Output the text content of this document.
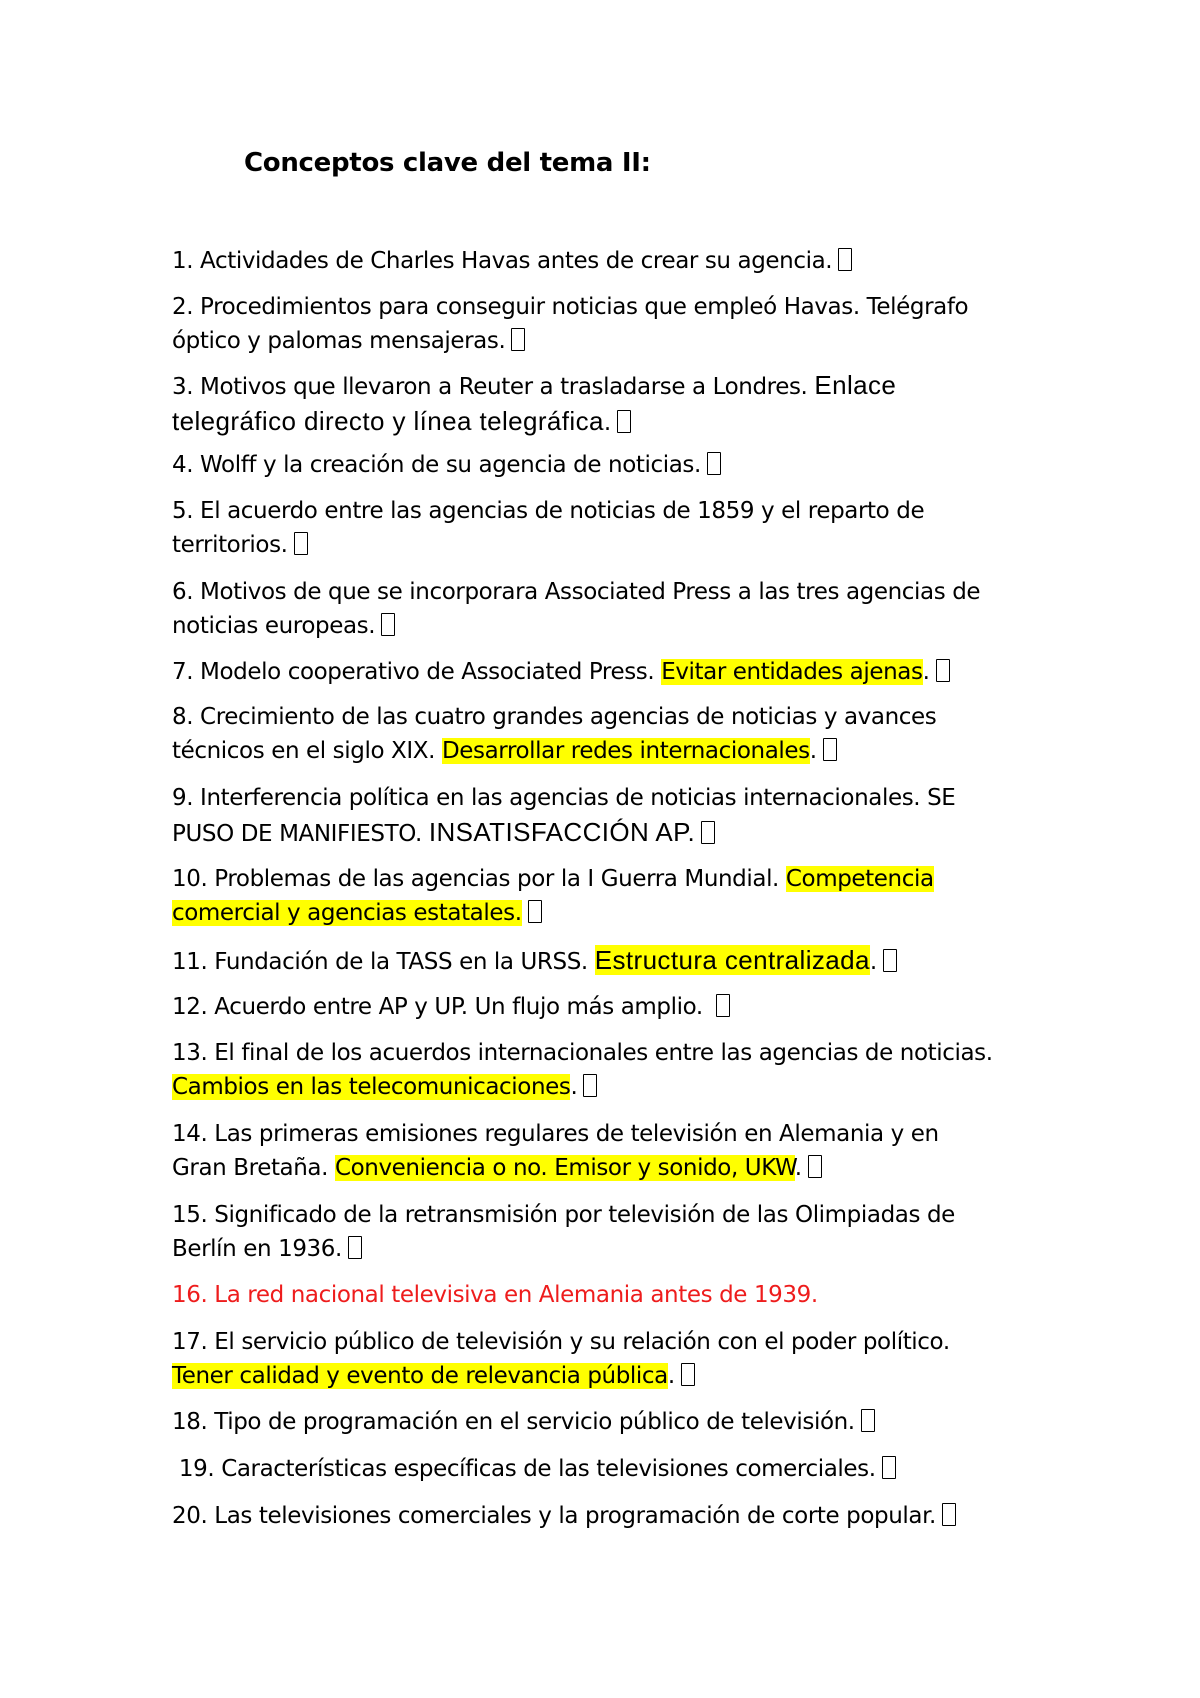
Conceptos clave del tema II:
1. Actividades de Charles Havas antes de crear su agencia.
2. Procedimientos para conseguir noticias que empleó Havas. Telégrafo
óptico y palomas mensajeras.
3. Motivos que llevaron a Reuter a trasladarse a Londres. Enlace
telegráfico directo y línea telegráfica.
4. Wolff y la creación de su agencia de noticias.
5. El acuerdo entre las agencias de noticias de 1859 y el reparto de
territorios.
6. Motivos de que se incorporara Associated Press a las tres agencias de
noticias europeas.
7. Modelo cooperativo de Associated Press. Evitar entidades ajenas.
8. Crecimiento de las cuatro grandes agencias de noticias y avances
técnicos en el siglo XIX. Desarrollar redes internacionales.
9. Interferencia política en las agencias de noticias internacionales. SE
PUSO DE MANIFIESTO. INSATISFACCIÓN AP.
10. Problemas de las agencias por la I Guerra Mundial. Competencia
comercial y agencias estatales.
11. Fundación de la TASS en la URSS. Estructura centralizada.
12. Acuerdo entre AP y UP. Un flujo más amplio.
13. El final de los acuerdos internacionales entre las agencias de noticias.
Cambios en las telecomunicaciones.
14. Las primeras emisiones regulares de televisión en Alemania y en
Gran Bretaña. Conveniencia o no. Emisor y sonido, UKW.
15. Significado de la retransmisión por televisión de las Olimpiadas de
Berlín en 1936.
16. La red nacional televisiva en Alemania antes de 1939.
17. El servicio público de televisión y su relación con el poder político.
Tener calidad y evento de relevancia pública.
18. Tipo de programación en el servicio público de televisión.
19. Características específicas de las televisiones comerciales.
20. Las televisiones comerciales y la programación de corte popular.
